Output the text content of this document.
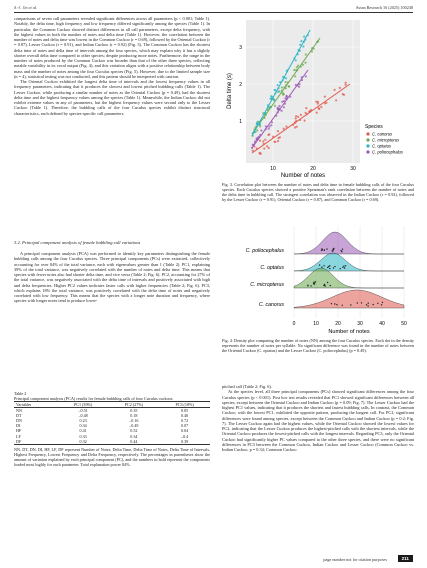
S.-J. Jin et al.	Avian Research 16 (2025) 100248

comparisons of seven call parameters revealed significant differences across all parameters (p < 0.001; Table 1). Notably, the delta time, high frequency and low frequency differed significantly among the species (Table 1). In particular, the Common Cuckoo showed distinct differences in all call parameters, except delta frequency, with the highest values in both the number of notes and delta time (Table 1). However, the correlation between the number of notes and delta time was lowest in the Common Cuckoo (r = 0.69), followed by the Oriental Cuckoo (r = 0.87), Lesser Cuckoo (r = 0.91), and Indian Cuckoo (r = 0.92) (Fig. 3). The Common Cuckoo has the shortest delta time of notes and delta time of intervals among the four species, which may explain why it has a slightly shorter overall delta time compared to other species; despite producing more notes. Furthermore, the range in the number of notes produced by the Common Cuckoo was broader than that of the other three species, reflecting notable variability in its vocal output (Fig. 4), and this variation aligns with a positive relationship between body mass and the number of notes among the four Cuculus species (Fig. 5). However, due to the limited sample size (n = 4), statistical testing was not conducted, and this pattern should be interpreted with caution.

The Oriental Cuckoo exhibited the longest delta time of intervals and the lowest frequency values in all frequency parameters, indicating that it produces the slowest and lowest pitched bubbling calls (Table 1). The Lesser Cuckoo, while producing a similar number of notes as the Oriental Cuckoo (p = 0.49), had the shortest delta time and the highest frequency values among the species (Table 1). Meanwhile, the Indian Cuckoo did not exhibit extreme values in any of parameters, but the highest frequency values were second only to the Lesser Cuckoo (Table 1). Therefore, the bubbling calls of the four Cuculus species exhibit distinct structural characteristics, each defined by species-specific call parameters.

3.2. Principal component analysis of female bubbling call variations

A principal component analysis (PCA) was performed to identify key parameters distinguishing the female bubbling calls among the four Cuculus species. Three principal components (PCs) were extracted, collectively accounting for over 84% of the total variance, each with eigenvalues greater than 1 (Table 2). PC1, explaining 39% of the total variance, was negatively correlated with the number of notes and delta time. This means that species with fewer notes also had shorter delta time, and vice versa (Table 2; Fig. 6). PC2, accounting for 27% of the total variance, was negatively associated with the delta time of intervals and positively associated with high and delta frequencies. Higher PC2 values indicates faster calls with higher frequencies (Table 2; Fig. 6). PC3, which explains 18% the total variance, was positively correlated with the delta time of notes and negatively correlated with low frequency. This means that the species with a longer note duration and frequency, where species with longer notes tend to produce lower-

Table 2
Principal component analysis (PCA) results for female bubbling calls of four Cuculus cuckoos.
Variables	PC1 (39%)	PC2 (27%)	PC3 (18%)
NN	–0.51	0.35	0.05
DT	–0.48	0.18	0.40
DN	0.23	–0.16	0.72
DI	0.34	–0.49	0.07
HF	0.41	0.52	0.04
LF	0.33	0.34	–0.4
DF	0.32	0.44	0.39
NN, DT, DN, DI, HF, LF, DF represent Number of Notes, Delta Time, Delta Time of Notes, Delta Time of Intervals, Highest Frequency, Lowest Frequency and Delta Frequency, respectively. The percentages in parentheses show the amount of variation explained by each principal component (PC), and the numbers in bold represent the components loaded most highly for each parameter. Total explanation power 84%.
1
2
3
10	20	30
Number of notes
Delta time (s)
Species
C. canorus
C. micropterus
C. optatus
C. poliocephalus
Fig. 3. Correlation plot between the number of notes and delta time in female bubbling calls of the four Cuculus species. Each Cuculus species showed a positive Spearman's rank correlation between the number of notes and the delta time in bubbling call. The strongest correlation was observed in the Indian Cuckoo (r = 0.92), followed by the Lesser Cuckoo (r = 0.91), Oriental Cuckoo (r = 0.87), and Common Cuckoo (r = 0.69).
C. poliocephalus
C. optatus
C. micropterus
C. canorus
0	10	20	30	40	50
Number of notes
Fig. 4. Density plot comparing the number of notes (NN) among the four Cuculus species. Each dot in the density represents the number of notes per syllable. No significant difference was found in the number of notes between the Oriental Cuckoo (C. optatus) and the Lesser Cuckoo (C. poliocephalus) (p = 0.49).

pitched call (Table 2; Fig. 6).

At the species level, all three principal components (PCs) showed significant differences among the four Cuculus species (p < 0.001). Post hoc test results revealed that PC1 showed significant differences between all species, except between the Oriental Cuckoo and Indian Cuckoo (p = 0.09; Fig. 7). The Lesser Cuckoo had the highest PC1 values, indicating that it produces the shortest and fastest bubbling calls. In contrast, the Common Cuckoo, with the lowest PC1, exhibited the opposite pattern, producing the longest call. For PC2, significant differences were found among species, except between the Common Cuckoo and Indian Cuckoo (p = 0.2; Fig. 7). The Lesser Cuckoo again had the highest values, while the Oriental Cuckoo showed the lowest values for PC2, indicating that the Lesser Cuckoo produces the highest-pitched calls with the shortest intervals, while the Oriental Cuckoo produces the lowest-pitched calls with the longest intervals. Regarding PC3, only the Oriental Cuckoo had significantly higher PC values compared to the other three species, and there were no significant differences in PC3 between the Common Cuckoo, Indian Cuckoo and Lesser Cuckoo (Common Cuckoo vs. Indian Cuckoo, p = 0.34; Common Cuckoo

page number not for citation purposes	211
